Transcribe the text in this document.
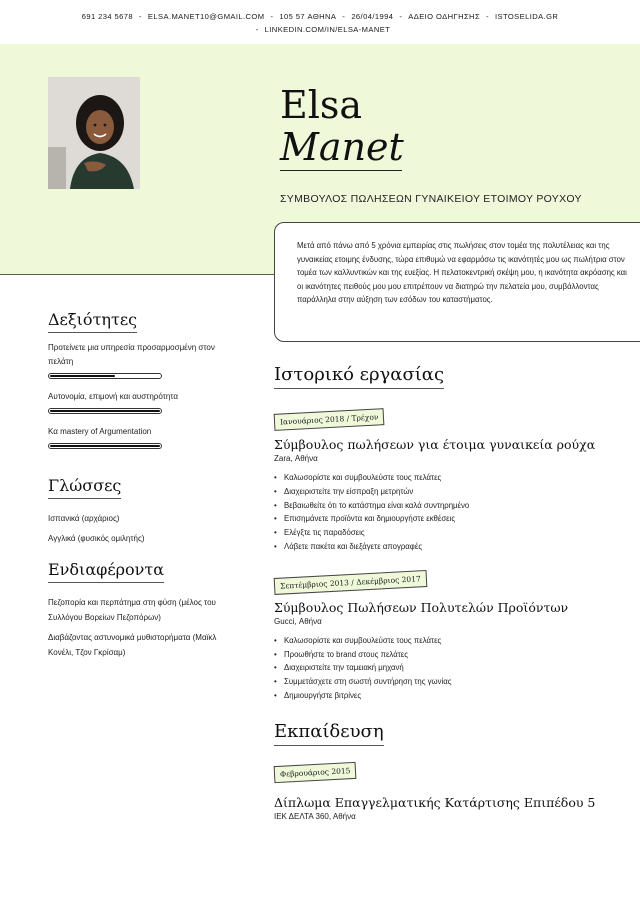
691 234 5678 - ELSA.MANET10@GMAIL.COM - 105 57 ΑΘΗΝΑ - 26/04/1994 - ΑΔΕΙΟ ΟΔΗΓΗΣΗΣ - ISTOSELIDA.GR
- LINKEDIN.COM/IN/ELSA-MANET
Elsa
Manet
ΣΥΜΒΟΥΛΟΣ ΠΩΛΗΣΕΩΝ ΓΥΝΑΙΚΕΙΟΥ ΕΤΟΙΜΟΥ ΡΟΥΧΟΥ

Μετά από πάνω από 5 χρόνια εμπειρίας στις πωλήσεις στον τομέα της πολυτέλειας και της γυναικείας ετοιμης ένδυσης, τώρα επιθυμώ να εφαρμόσω τις ικανότητές μου ως πωλήτρια στον τομέα των καλλυντικών και της ευεξίας. Η πελατοκεντρική σκέψη μου, η ικανότητα ακρόασης και οι ικανότητες πειθούς μου μου επιτρέπουν να διατηρώ την πελατεία μου, συμβάλλοντας παράλληλα στην αύξηση των εσόδων του καταστήματος.

Δεξιότητες
Προτείνετε μια υπηρεσία προσαρμοσμένη στον πελάτη
Αυτονομία, επιμονή και αυστηρότητα
Κα mastery of Argumentation
Γλώσσες
Ισπανικά (αρχάριος)
Αγγλικά (φυσικός ομιλητής)
Ενδιαφέροντα
Πεζοπορία και περπάτημα στη φύση (μέλος του Συλλόγου Βορείων Πεζοπόρων)
Διαβάζοντας αστυνομικά μυθιστορήματα (Μαϊκλ Κονέλι, Τζον Γκρίσαμ)
Ιστορικό εργασίας
Ιανουάριος 2018 / Τρέχον
Σύμβουλος πωλήσεων για έτοιμα γυναικεία ρούχα
Zara, Αθήνα
• Καλωσορίστε και συμβουλεύστε τους πελάτες
• Διαχειριστείτε την είσπραξη μετρητών
• Βεβαιωθείτε ότι το κατάστημα είναι καλά συντηρημένο
• Επισημάνετε προϊόντα και δημιουργήστε εκθέσεις
• Ελέγξτε τις παραδόσεις
• Λάβετε πακέτα και διεξάγετε απογραφές
Σεπτέμβριος 2013 / Δεκέμβριος 2017
Σύμβουλος Πωλήσεων Πολυτελών Προϊόντων
Gucci, Αθήνα
• Καλωσορίστε και συμβουλεύστε τους πελάτες
• Προωθήστε το brand στους πελάτες
• Διαχειριστείτε την ταμειακή μηχανή
• Συμμετάσχετε στη σωστή συντήρηση της γωνίας
• Δημιουργήστε βιτρίνες
Εκπαίδευση
Φεβρουάριος 2015
Δίπλωμα Επαγγελματικής Κατάρτισης Επιπέδου 5
ΙΕΚ ΔΕΛΤΑ 360, Αθήνα
